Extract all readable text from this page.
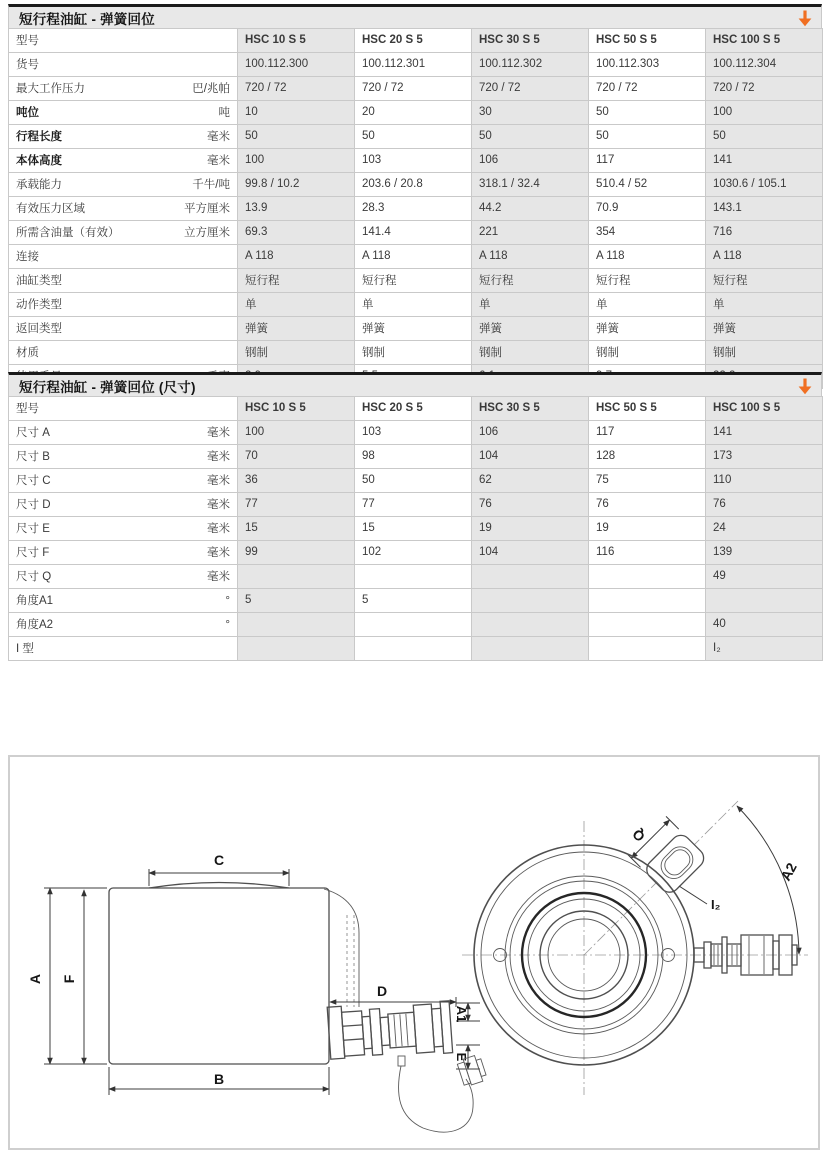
短行程油缸 - 弹簧回位
型号	HSC 10 S 5	HSC 20 S 5	HSC 30 S 5	HSC 50 S 5	HSC 100 S 5

货号	100.112.300	100.112.301	100.112.302	100.112.303	100.112.304

最大工作压力 巴/兆帕	720 / 72	720 / 72	720 / 72	720 / 72	720 / 72

吨位 吨	10	20	30	50	100

行程长度 毫米	50	50	50	50	50

本体高度 毫米	100	103	106	117	141

承载能力 千牛/吨	99.8 / 10.2	203.6 / 20.8	318.1 / 32.4	510.4 / 52	1030.6 / 105.1

有效压力区域 平方厘米	13.9	28.3	44.2	70.9	143.1

所需含油量（有效） 立方厘米	69.3	141.4	221	354	716

连接	A 118	A 118	A 118	A 118	A 118

油缸类型	短行程	短行程	短行程	短行程	短行程

动作类型	单	单	单	单	单

返回类型	弹簧	弹簧	弹簧	弹簧	弹簧

材质	钢制	钢制	钢制	钢制	钢制

短行程油缸 - 弹簧回位 (尺寸)
型号	HSC 10 S 5	HSC 20 S 5	HSC 30 S 5	HSC 50 S 5	HSC 100 S 5

尺寸 A 毫米	100	103	106	117	141

尺寸 B 毫米	70	98	104	128	173

尺寸 C 毫米	36	50	62	75	110

尺寸 D 毫米	77	77	76	76	76

尺寸 E 毫米	15	15	19	19	24

尺寸 F 毫米	99	102	104	116	139

尺寸 Q 毫米					49

角度A1 °	5	5			

角度A2 °					40

I 型					I₂
C
A F
B
D
A1
E
Q
I₂
A2
